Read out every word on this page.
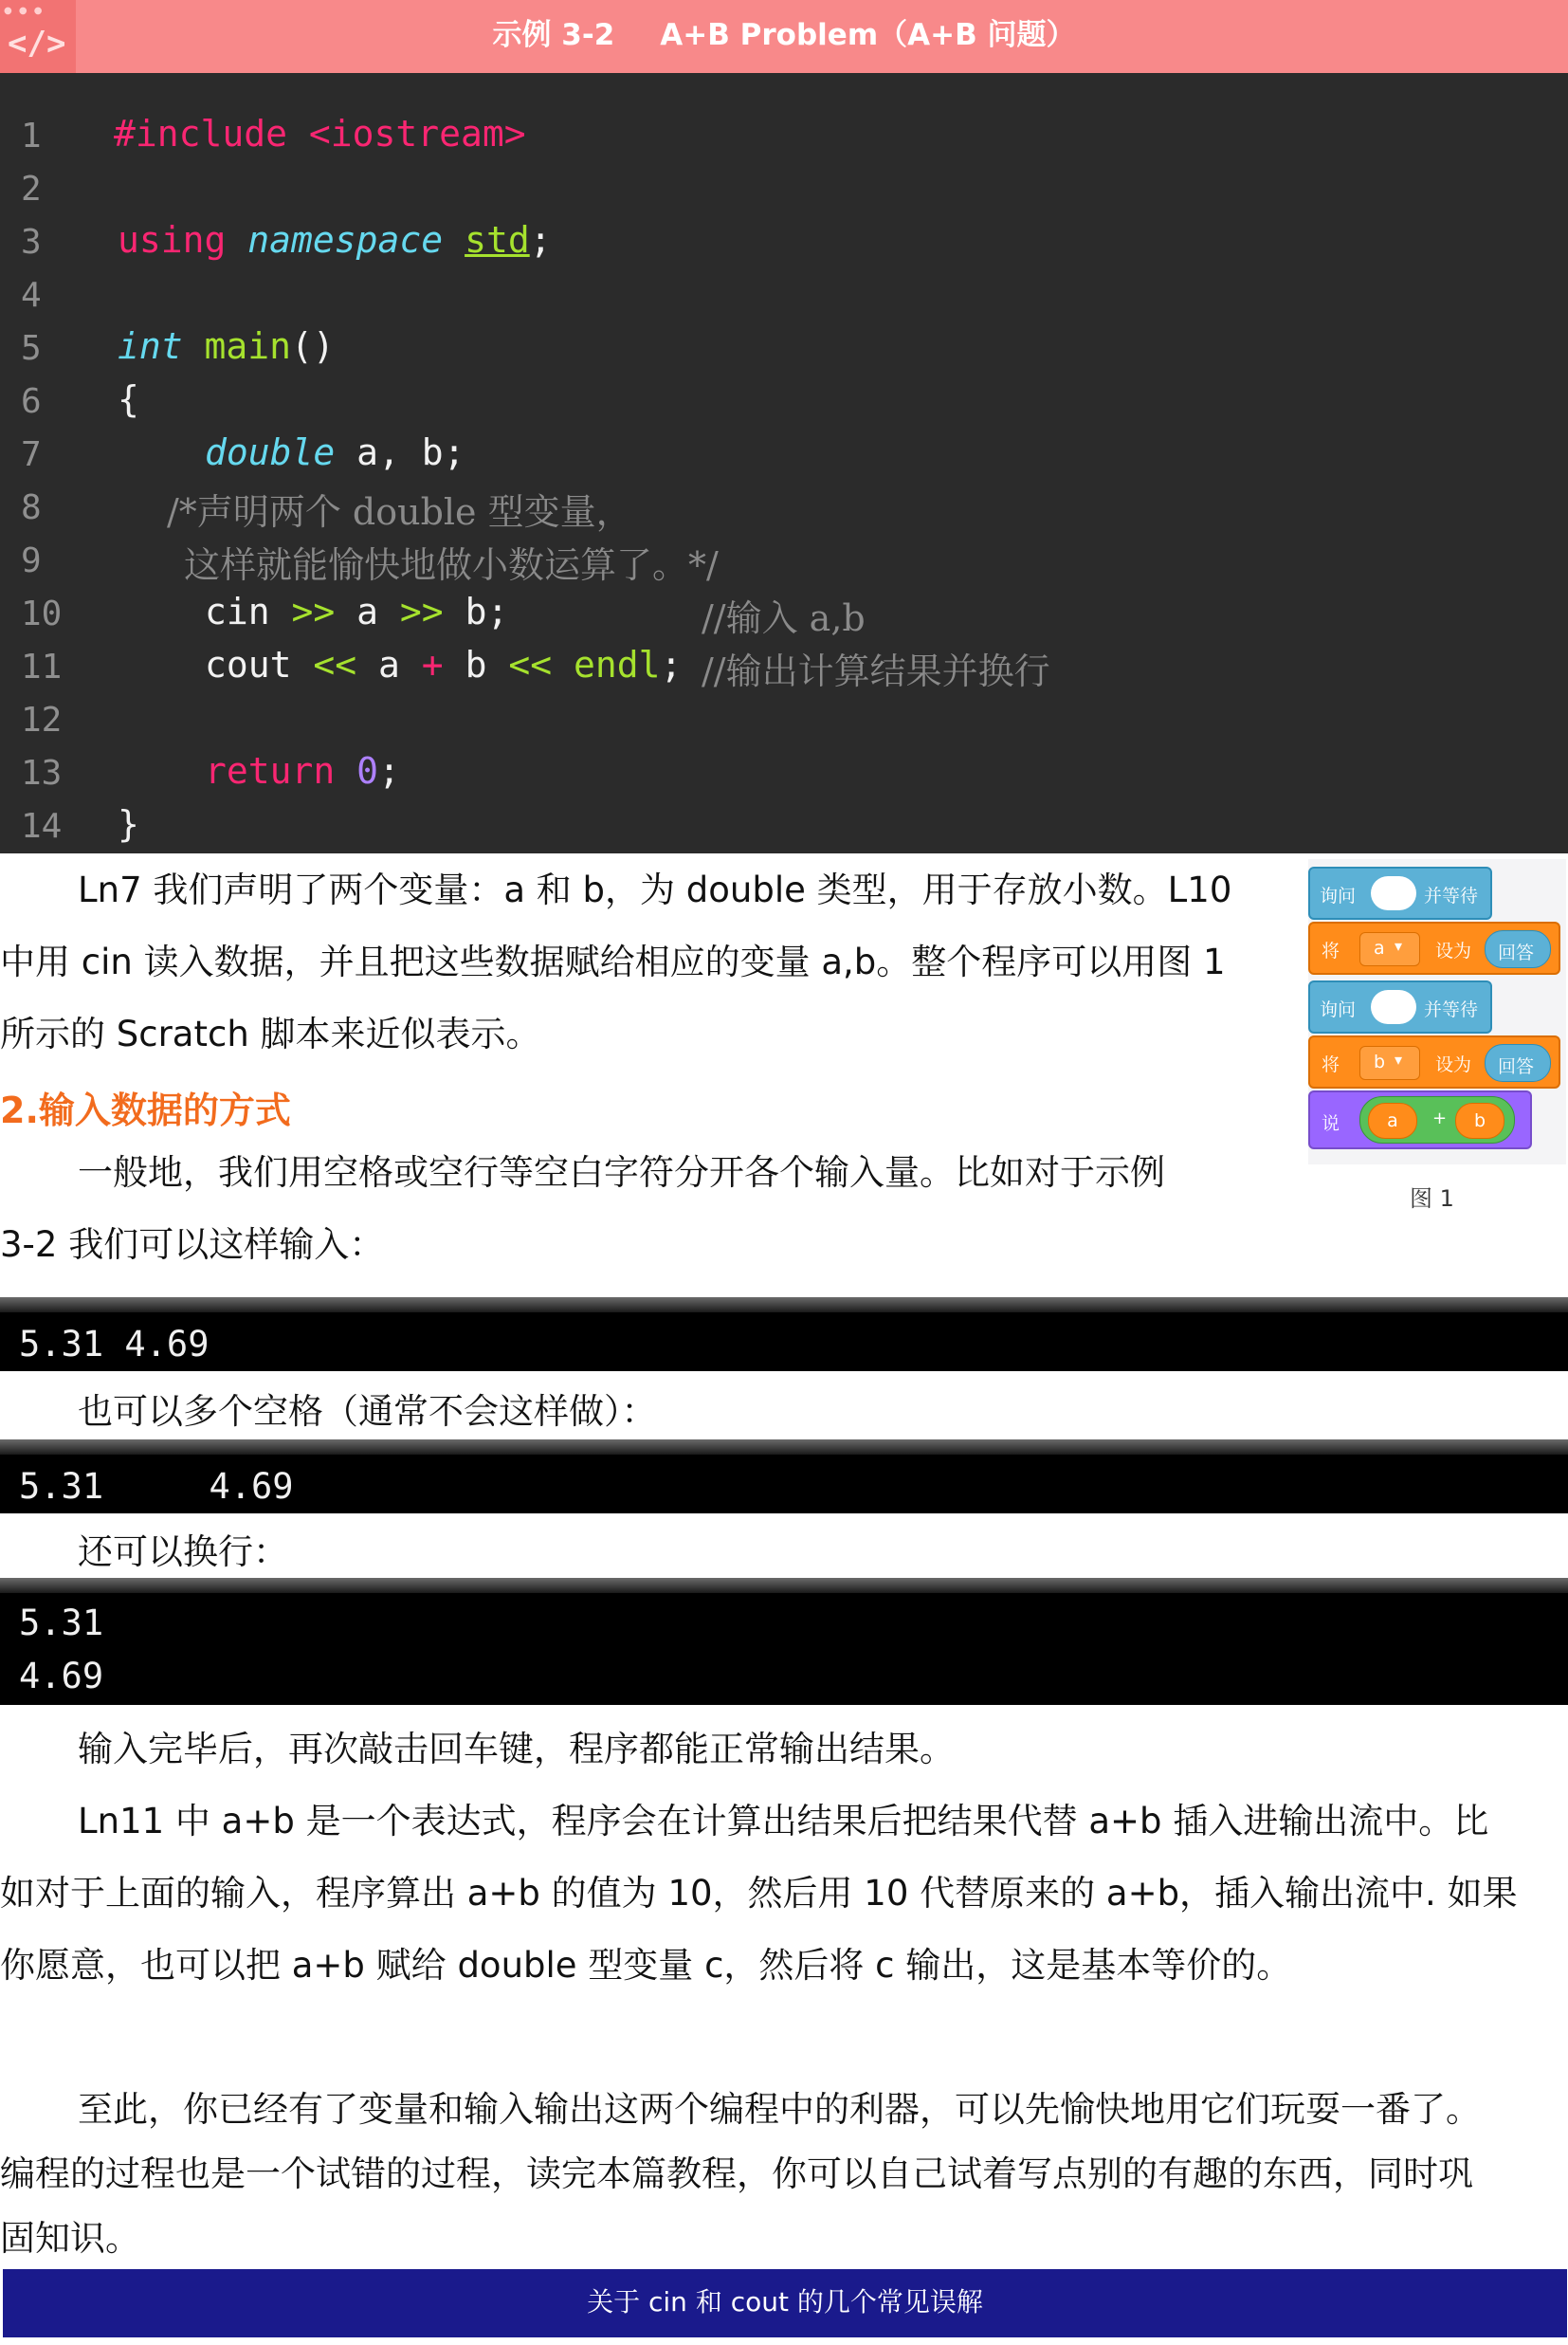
● ● ●
</>	示例 3-2 A+B Problem（A+B 问题）
1
2
3
4
5
6
7
8
9
10
11
12
13
14
#include <iostream>
using namespace std;
int main()
{
double a, b;
/*声明两个 double 型变量，
这样就能愉快地做小数运算了。*/
cin >> a >> b;	//输入 a,b
cout << a + b << endl; //输出计算结果并换行
return 0;
}
Ln7 我们声明了两个变量：a 和 b，为 double 类型，用于存放小数。L10
中用 cin 读入数据，并且把这些数据赋给相应的变量 a,b。整个程序可以用图 1
所示的 Scratch 脚本来近似表示。
2.输入数据的方式
一般地，我们用空格或空行等空白字符分开各个输入量。比如对于示例
3-2 我们可以这样输入：
询问	并等待
将 a ▾ 设为 回答
询问	并等待
将 b ▾ 设为 回答
说	a	+	b
图 1
5.31 4.69
也可以多个空格（通常不会这样做）：
5.31     4.69
还可以换行：
5.31
4.69
输入完毕后，再次敲击回车键，程序都能正常输出结果。
Ln11 中 a+b 是一个表达式，程序会在计算出结果后把结果代替 a+b 插入进输出流中。比
如对于上面的输入，程序算出 a+b 的值为 10，然后用 10 代替原来的 a+b，插入输出流中. 如果
你愿意，也可以把 a+b 赋给 double 型变量 c，然后将 c 输出，这是基本等价的。
至此，你已经有了变量和输入输出这两个编程中的利器，可以先愉快地用它们玩耍一番了。
编程的过程也是一个试错的过程，读完本篇教程，你可以自己试着写点别的有趣的东西，同时巩
固知识。
关于 cin 和 cout 的几个常见误解
